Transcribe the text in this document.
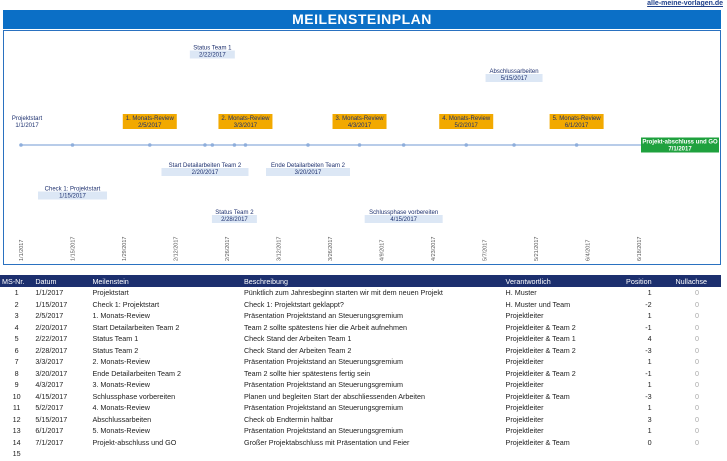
alle-meine-vorlagen.de
MEILENSTEINPLAN
1/1/2017	1/15/2017	1/29/2017	2/12/2017	2/26/2017	3/12/2017	3/26/2017	4/9/2017	4/23/2017	5/7/2017	5/21/2017	6/4/2017	6/18/2017
Projektstart
1/1/2017
Check 1: Projektstart
1/15/2017
1. Monats-Review
2/5/2017
Start Detailarbeiten Team 2
2/20/2017
Status Team 1
2/22/2017
Status Team 2
2/28/2017
2. Monats-Review
3/3/2017
Ende Detailarbeiten Team 2
3/20/2017
3. Monats-Review
4/3/2017
Schlussphase vorbereiten
4/15/2017
4. Monats-Review
5/2/2017
Abschlussarbeiten
5/15/2017
5. Monats-Review
6/1/2017
Projekt-abschluss und GO
7/1/2017
MS-Nr.	Datum	Meilenstein	Beschreibung	Verantwortlich	Position	Nullachse
1	1/1/2017	Projektstart	Pünktlich zum Jahresbeginn starten wir mit dem neuen Projekt	H. Muster	1	0
2	1/15/2017	Check 1: Projektstart	Check 1: Projektstart geklappt?	H. Muster und Team	-2	0
3	2/5/2017	1. Monats-Review	Präsentation Projektstand an Steuerungsgremium	Projektleiter	1	0
4	2/20/2017	Start Detailarbeiten Team 2	Team 2 sollte spätestens hier die Arbeit aufnehmen	Projektleiter & Team 2	-1	0
5	2/22/2017	Status Team 1	Check Stand der Arbeiten Team 1	Projektleiter & Team 1	4	0
6	2/28/2017	Status Team 2	Check Stand der Arbeiten Team 2	Projektleiter & Team 2	-3	0
7	3/3/2017	2. Monats-Review	Präsentation Projektstand an Steuerungsgremium	Projektleiter	1	0
8	3/20/2017	Ende Detailarbeiten Team 2	Team 2 sollte hier spätestens fertig sein	Projektleiter & Team 2	-1	0
9	4/3/2017	3. Monats-Review	Präsentation Projektstand an Steuerungsgremium	Projektleiter	1	0
10	4/15/2017	Schlussphase vorbereiten	Planen und begleiten Start der abschliessenden Arbeiten	Projektleiter & Team	-3	0
11	5/2/2017	4. Monats-Review	Präsentation Projektstand an Steuerungsgremium	Projektleiter	1	0
12	5/15/2017	Abschlussarbeiten	Check ob Endtermin haltbar	Projektleiter	3	0
13	6/1/2017	5. Monats-Review	Präsentation Projektstand an Steuerungsgremium	Projektleiter	1	0
14	7/1/2017	Projekt-abschluss und GO	Großer Projektabschluss mit Präsentation und Feier	Projektleiter & Team	0	0
15						
